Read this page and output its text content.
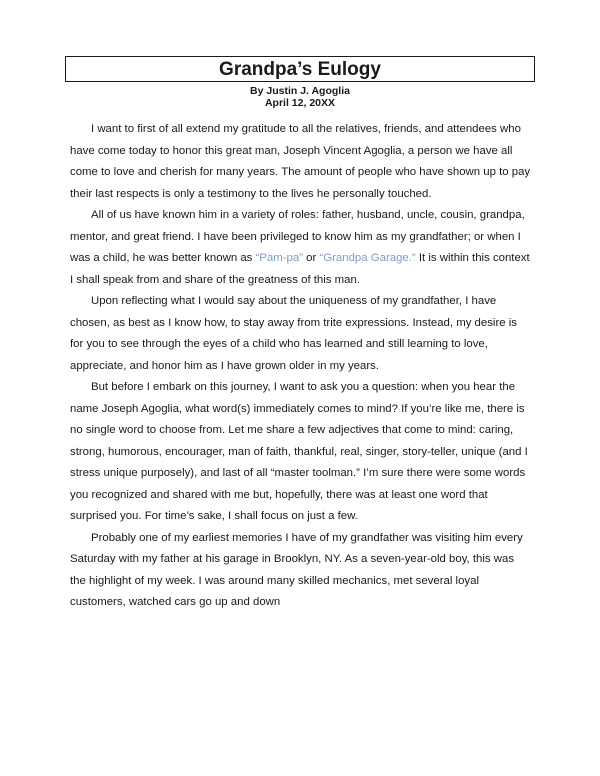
Grandpa’s Eulogy
By Justin J. Agoglia
April 12, 20XX

I want to first of all extend my gratitude to all the relatives, friends, and attendees who have come today to honor this great man, Joseph Vincent Agoglia, a person we have all come to love and cherish for many years. The amount of people who have shown up to pay their last respects is only a testimony to the lives he personally touched.

All of us have known him in a variety of roles: father, husband, uncle, cousin, grandpa, mentor, and great friend. I have been privileged to know him as my grandfather; or when I was a child, he was better known as “Pam-pa” or “Grandpa Garage.” It is within this context I shall speak from and share of the greatness of this man.

Upon reflecting what I would say about the uniqueness of my grandfather, I have chosen, as best as I know how, to stay away from trite expressions. Instead, my desire is for you to see through the eyes of a child who has learned and still learning to love, appreciate, and honor him as I have grown older in my years.

But before I embark on this journey, I want to ask you a question: when you hear the name Joseph Agoglia, what word(s) immediately comes to mind? If you’re like me, there is no single word to choose from. Let me share a few adjectives that come to mind: caring, strong, humorous, encourager, man of faith, thankful, real, singer, story-teller, unique (and I stress unique purposely), and last of all “master toolman.” I’m sure there were some words you recognized and shared with me but, hopefully, there was at least one word that surprised you. For time’s sake, I shall focus on just a few.

Probably one of my earliest memories I have of my grandfather was visiting him every Saturday with my father at his garage in Brooklyn, NY. As a seven-year-old boy, this was the highlight of my week. I was around many skilled mechanics, met several loyal customers, watched cars go up and down
